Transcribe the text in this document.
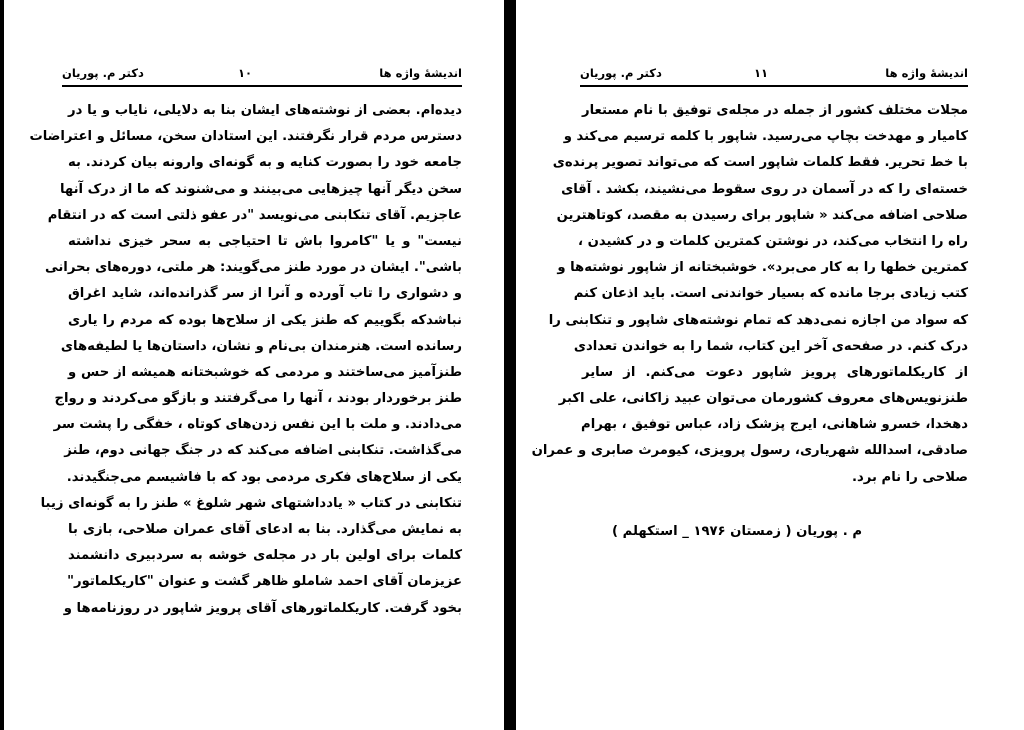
اندیشهٔ واژه ها
۱۰
دکتر م. پوریان
دیده‌ام. بعضی از نوشته‌های ایشان بنا به دلایلی، نایاب و یا در
دسترس مردم قرار نگرفتند. این استادان سخن، مسائل و اعتراضات
جامعه خود را بصورت کنایه و به گونه‌ای وارونه بیان کردند. به
سخن دیگر آنها چیزهایی می‌بینند و می‌شنوند که ما از درک آنها
عاجزیم. آقای تنکابنی می‌نویسد "در عفو ذلتی است که در انتقام
نیست" و یا "کامروا باش تا احتیاجی به سحر خیزی نداشته
باشی". ایشان در مورد طنز می‌گویند: هر ملتی، دوره‌های بحرانی
و دشواری را تاب آورده و آنرا از سر گذرانده‌اند، شاید اغراق
نباشدکه بگوییم که طنز یکی از سلاح‌ها بوده که مردم را یاری
رسانده است. هنرمندان بی‌نام و نشان، داستان‌ها یا لطیفه‌های
طنزآمیز می‌ساختند و مردمی که خوشبختانه همیشه از حس و
طنز برخوردار بودند ، آنها را می‌گرفتند و بازگو می‌کردند و رواج
می‌دادند. و ملت با این نفس زدن‌های کوتاه ، خفگی را پشت سر
می‌گذاشت. تنکابنی اضافه می‌کند که در جنگ جهانی دوم، طنز
یکی از سلاح‌های فکری مردمی بود که با فاشیسم می‌جنگیدند.
تنکابنی در کتاب « یادداشتهای شهر شلوغ » طنز را به گونه‌ای زیبا
به نمایش می‌گذارد. بنا به ادعای آقای عمران صلاحی، بازی با
کلمات برای اولین بار در مجله‌ی خوشه به سردبیری دانشمند
عزیزمان آقای احمد شاملو ظاهر گشت و عنوان "کاریکلماتور"
بخود گرفت. کاریکلماتورهای آقای پرویز شاپور در روزنامه‌ها و
اندیشهٔ واژه ها
۱۱
دکتر م. پوریان
مجلات مختلف کشور از جمله در مجله‌ی توفیق با نام مستعار
کامیار و مهدخت بچاپ می‌رسید. شاپور با کلمه ترسیم می‌کند و
با خط تحریر. فقط کلمات شاپور است که می‌تواند تصویر پرنده‌ی
خسته‌ای را که در آسمان در روی سقوط می‌نشیند، بکشد . آقای
صلاحی اضافه می‌کند « شاپور برای رسیدن به مقصد، کوتاهترین
راه را انتخاب می‌کند، در نوشتن کمترین کلمات و در کشیدن ،
کمترین خطها را به کار می‌برد». خوشبختانه از شاپور نوشته‌ها و
کتب زیادی برجا مانده که بسیار خواندنی است. باید اذعان کنم
که سواد من اجازه نمی‌دهد که تمام نوشته‌های شاپور و تنکابنی را
درک کنم. در صفحه‌ی آخر این کتاب، شما را به خواندن تعدادی
از کاریکلماتورهای پرویز شاپور دعوت می‌کنم. از سایر
طنزنویس‌های معروف کشورمان می‌توان عبید زاکانی، علی اکبر
دهخدا، خسرو شاهانی، ایرج پزشک زاد، عباس توفیق ، بهرام
صادقی، اسدالله شهریاری، رسول پرویزی، کیومرث صابری و عمران
صلاحی را نام برد.
م . پوریان ( زمستان ۱۹۷۶ _ استکهلم )
